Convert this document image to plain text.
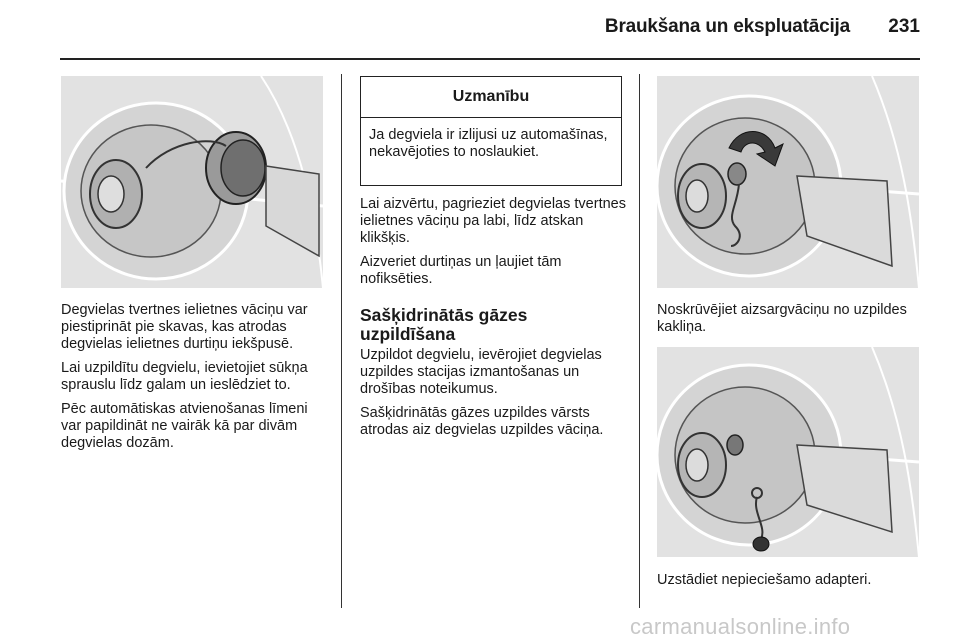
Braukšana un ekspluatācija	231

Degvielas tvertnes ielietnes vāciņu var piestiprināt pie skavas, kas atrodas degvielas ielietnes durtiņu iekšpusē.

Lai uzpildītu degvielu, ievietojiet sūkņa sprauslu līdz galam un ieslēdziet to.

Pēc automātiskas atvienošanas līmeni var papildināt ne vairāk kā par divām degvielas dozām.

Uzmanību
Ja degviela ir izlijusi uz automašīnas, nekavējoties to noslaukiet.

Lai aizvērtu, pagrieziet degvielas tvertnes ielietnes vāciņu pa labi, līdz atskan klikšķis.

Aizveriet durtiņas un ļaujiet tām nofiksēties.

Sašķidrinātās gāzes uzpildīšana

Uzpildot degvielu, ievērojiet degvielas uzpildes stacijas izmantošanas un drošības noteikumus.

Sašķidrinātās gāzes uzpildes vārsts atrodas aiz degvielas uzpildes vāciņa.

Noskrūvējiet aizsargvāciņu no uzpildes kakliņa.

Uzstādiet nepieciešamo adapteri.

carmanualsonline.info
